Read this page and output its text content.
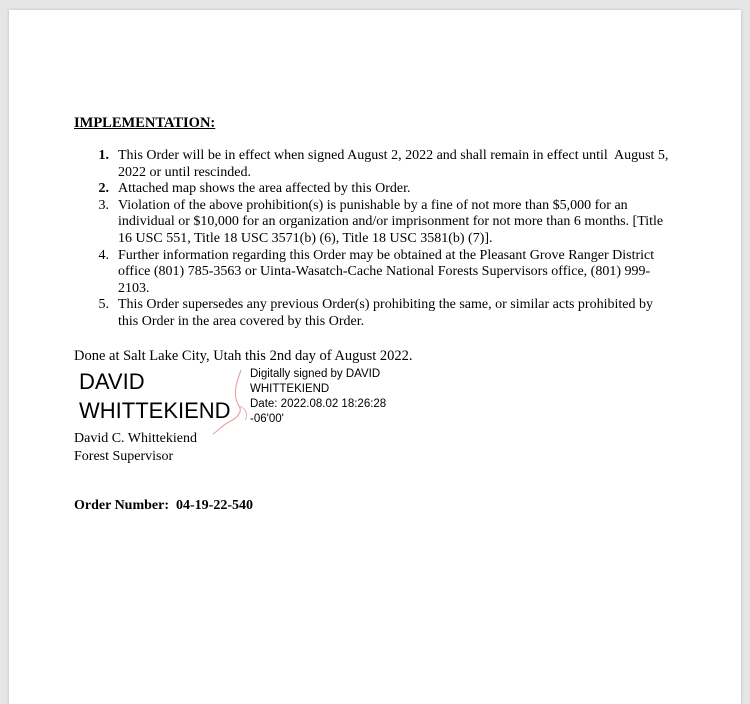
IMPLEMENTATION:
1. This Order will be in effect when signed August 2, 2022 and shall remain in effect until  August 5, 2022 or until rescinded.
2. Attached map shows the area affected by this Order.
3. Violation of the above prohibition(s) is punishable by a fine of not more than $5,000 for an individual or $10,000 for an organization and/or imprisonment for not more than 6 months. [Title 16 USC 551, Title 18 USC 3571(b) (6), Title 18 USC 3581(b) (7)].
4. Further information regarding this Order may be obtained at the Pleasant Grove Ranger District office (801) 785-3563 or Uinta-Wasatch-Cache National Forests Supervisors office, (801) 999-2103.
5. This Order supersedes any previous Order(s) prohibiting the same, or similar acts prohibited by this Order in the area covered by this Order.
Done at Salt Lake City, Utah this 2nd day of August 2022.
DAVID
WHITTEKIEND
Digitally signed by DAVID
WHITTEKIEND
Date: 2022.08.02 18:26:28
-06'00'
David C. Whittekiend
Forest Supervisor
Order Number:  04-19-22-540
